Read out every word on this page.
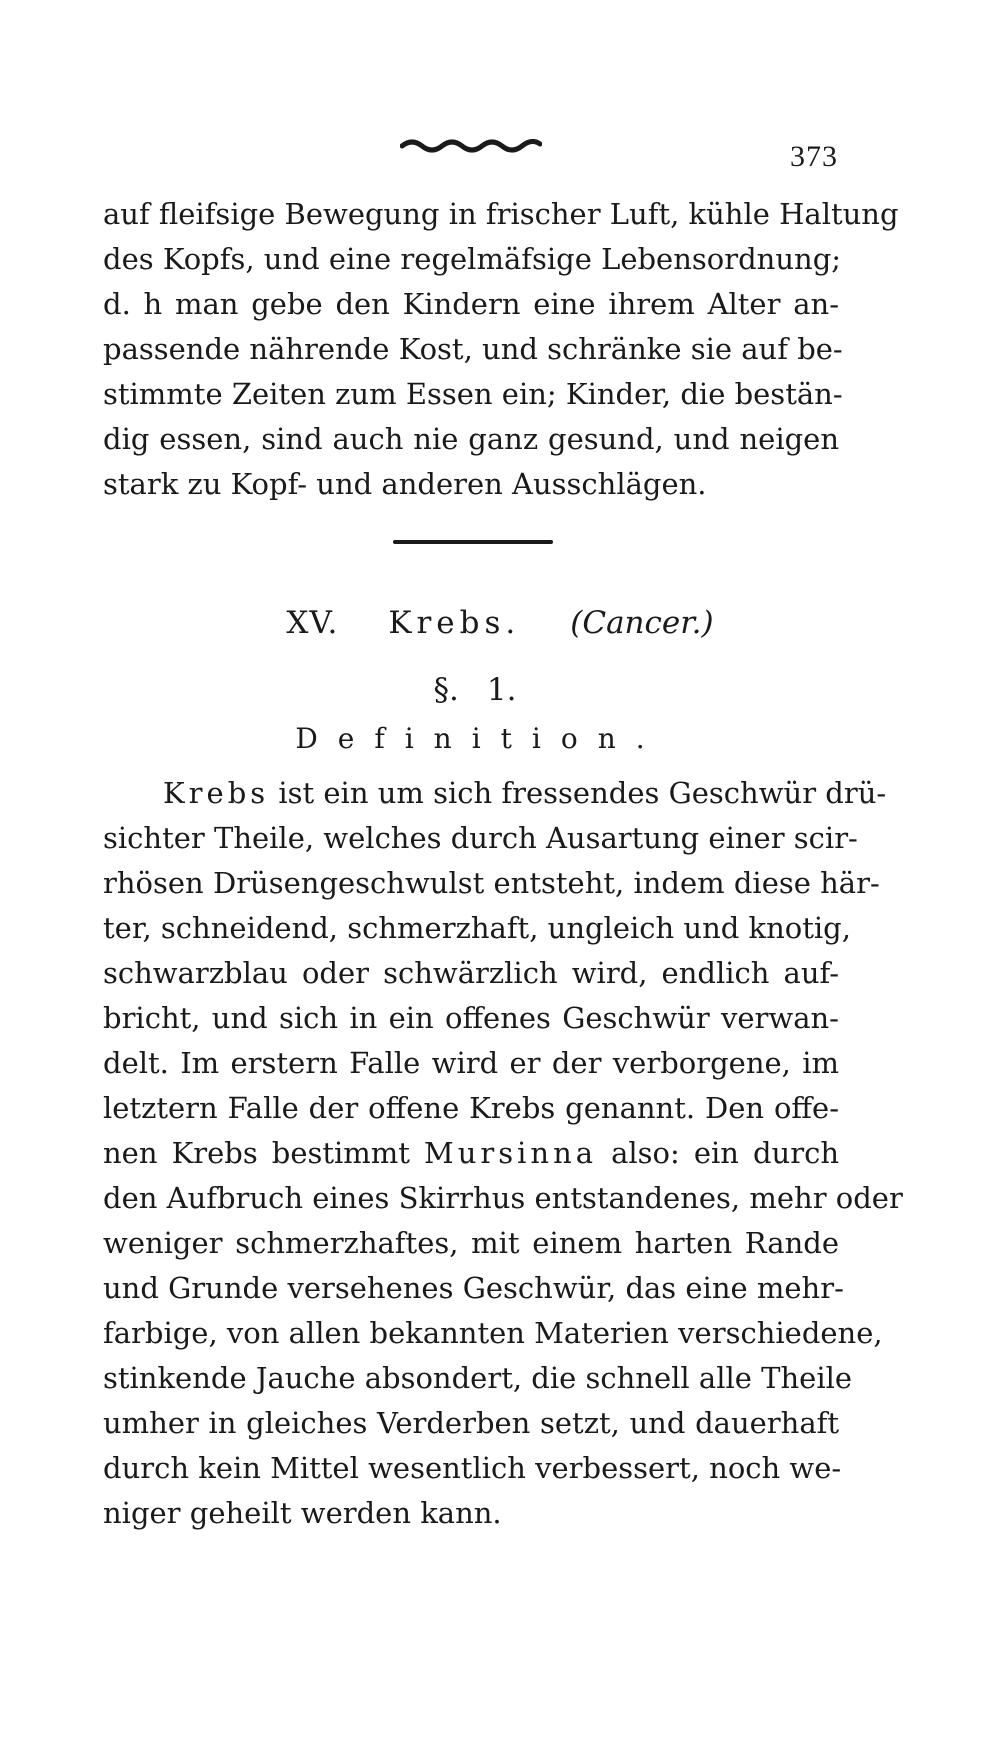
373
auf fleifsige Bewegung in frischer Luft, kühle Haltung
des Kopfs, und eine regelmäfsige Lebensordnung;
d. h man gebe den Kindern eine ihrem Alter an-
passende nährende Kost, und schränke sie auf be-
stimmte Zeiten zum Essen ein; Kinder, die bestän-
dig essen, sind auch nie ganz gesund, und neigen
stark zu Kopf- und anderen Ausschlägen.
XV. Krebs. (Cancer.)
§. 1.
Definition.
Krebs ist ein um sich fressendes Geschwür drü-
sichter Theile, welches durch Ausartung einer scir-
rhösen Drüsengeschwulst entsteht, indem diese här-
ter, schneidend, schmerzhaft, ungleich und knotig,
schwarzblau oder schwärzlich wird, endlich auf-
bricht, und sich in ein offenes Geschwür verwan-
delt. Im erstern Falle wird er der verborgene, im
letztern Falle der offene Krebs genannt. Den offe-
nen Krebs bestimmt Mursinna also: ein durch
den Aufbruch eines Skirrhus entstandenes, mehr oder
weniger schmerzhaftes, mit einem harten Rande
und Grunde versehenes Geschwür, das eine mehr-
farbige, von allen bekannten Materien verschiedene,
stinkende Jauche absondert, die schnell alle Theile
umher in gleiches Verderben setzt, und dauerhaft
durch kein Mittel wesentlich verbessert, noch we-
niger geheilt werden kann.
